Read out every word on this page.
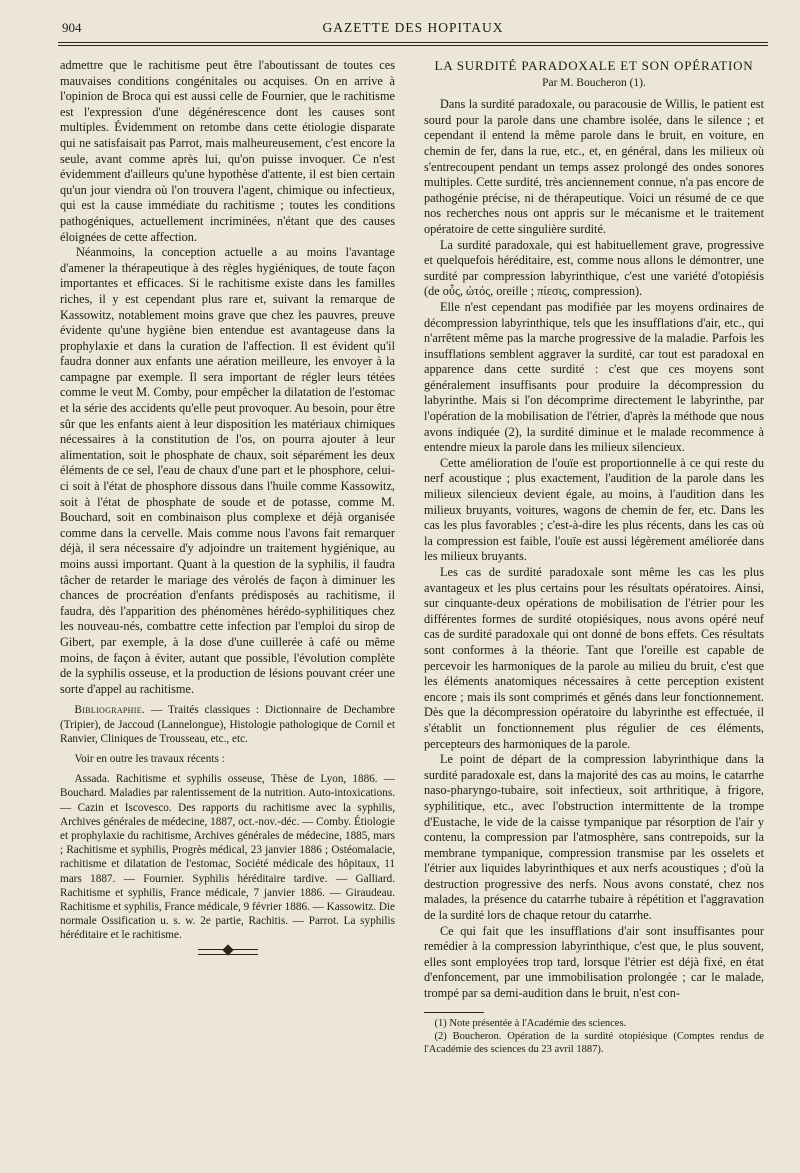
904	GAZETTE DES HOPITAUX

admettre que le rachitisme peut être l'aboutissant de toutes ces mauvaises conditions congénitales ou acquises. On en arrive à l'opinion de Broca qui est aussi celle de Fournier, que le rachitisme est l'expression d'une dégénérescence dont les causes sont multiples. Évidemment on retombe dans cette étiologie disparate qui ne satisfaisait pas Parrot, mais malheureusement, c'est encore la seule, avant comme après lui, qu'on puisse invoquer. Ce n'est évidemment d'ailleurs qu'une hypothèse d'attente, il est bien certain qu'un jour viendra où l'on trouvera l'agent, chimique ou infectieux, qui est la cause immédiate du rachitisme ; toutes les conditions pathogéniques, actuellement incriminées, n'étant que des causes éloignées de cette affection.

Néanmoins, la conception actuelle a au moins l'avantage d'amener la thérapeutique à des règles hygiéniques, de toute façon importantes et efficaces. Si le rachitisme existe dans les familles riches, il y est cependant plus rare et, suivant la remarque de Kassowitz, notablement moins grave que chez les pauvres, preuve évidente qu'une hygiène bien entendue est avantageuse dans la prophylaxie et dans la curation de l'affection. Il est évident qu'il faudra donner aux enfants une aération meilleure, les envoyer à la campagne par exemple. Il sera important de régler leurs tétées comme le veut M. Comby, pour empêcher la dilatation de l'estomac et la série des accidents qu'elle peut provoquer. Au besoin, pour être sûr que les enfants aient à leur disposition les matériaux chimiques nécessaires à la constitution de l'os, on pourra ajouter à leur alimentation, soit le phosphate de chaux, soit séparément les deux éléments de ce sel, l'eau de chaux d'une part et le phosphore, celui-ci soit à l'état de phosphore dissous dans l'huile comme Kassowitz, soit à l'état de phosphate de soude et de potasse, comme M. Bouchard, soit en combinaison plus complexe et déjà organisée comme dans la cervelle. Mais comme nous l'avons fait remarquer déjà, il sera nécessaire d'y adjoindre un traitement hygiénique, au moins aussi important. Quant à la question de la syphilis, il faudra tâcher de retarder le mariage des vérolés de façon à diminuer les chances de procréation d'enfants prédisposés au rachitisme, il faudra, dès l'apparition des phénomènes hérédo-syphilitiques chez les nouveau-nés, combattre cette infection par l'emploi du sirop de Gibert, par exemple, à la dose d'une cuillerée à café ou même moins, de façon à éviter, autant que possible, l'évolution complète de la syphilis osseuse, et la production de lésions pouvant créer une sorte d'appel au rachitisme.

Bibliographie. — Traités classiques : Dictionnaire de Dechambre (Tripier), de Jaccoud (Lannelongue), Histologie pathologique de Cornil et Ranvier, Cliniques de Trousseau, etc., etc.

Voir en outre les travaux récents :

Assada. Rachitisme et syphilis osseuse, Thèse de Lyon, 1886. — Bouchard. Maladies par ralentissement de la nutrition. Auto-intoxications. — Cazin et Iscovesco. Des rapports du rachitisme avec la syphilis, Archives générales de médecine, 1887, oct.-nov.-déc. — Comby. Étiologie et prophylaxie du rachitisme, Archives générales de médecine, 1885, mars ; Rachitisme et syphilis, Progrès médical, 23 janvier 1886 ; Ostéomalacie, rachitisme et dilatation de l'estomac, Société médicale des hôpitaux, 11 mars 1887. — Fournier. Syphilis héréditaire tardive. — Galliard. Rachitisme et syphilis, France médicale, 7 janvier 1886. — Giraudeau. Rachitisme et syphilis, France médicale, 9 février 1886. — Kassowitz. Die normale Ossification u. s. w. 2e partie, Rachitis. — Parrot. La syphilis héréditaire et le rachitisme.

LA SURDITÉ PARADOXALE ET SON OPÉRATION
Par M. Boucheron (1).

Dans la surdité paradoxale, ou paracousie de Willis, le patient est sourd pour la parole dans une chambre isolée, dans le silence ; et cependant il entend la même parole dans le bruit, en voiture, en chemin de fer, dans la rue, etc., et, en général, dans les milieux où s'entrecoupent pendant un temps assez prolongé des ondes sonores multiples. Cette surdité, très anciennement connue, n'a pas encore de pathogénie précise, ni de thérapeutique. Voici un résumé de ce que nos recherches nous ont appris sur le mécanisme et le traitement opératoire de cette singulière surdité.

La surdité paradoxale, qui est habituellement grave, progressive et quelquefois héréditaire, est, comme nous allons le démontrer, une surdité par compression labyrinthique, c'est une variété d'otopiésis (de οὖς, ὠτός, oreille ; πίεσις, compression).

Elle n'est cependant pas modifiée par les moyens ordinaires de décompression labyrinthique, tels que les insufflations d'air, etc., qui n'arrêtent même pas la marche progressive de la maladie. Parfois les insufflations semblent aggraver la surdité, car tout est paradoxal en apparence dans cette surdité : c'est que ces moyens sont généralement insuffisants pour produire la décompression du labyrinthe. Mais si l'on décomprime directement le labyrinthe, par l'opération de la mobilisation de l'étrier, d'après la méthode que nous avons indiquée (2), la surdité diminue et le malade recommence à entendre mieux la parole dans les milieux silencieux.

Cette amélioration de l'ouïe est proportionnelle à ce qui reste du nerf acoustique ; plus exactement, l'audition de la parole dans les milieux silencieux devient égale, au moins, à l'audition dans les milieux bruyants, voitures, wagons de chemin de fer, etc. Dans les cas les plus favorables ; c'est-à-dire les plus récents, dans les cas où la compression est faible, l'ouïe est aussi légèrement améliorée dans les milieux bruyants.

Les cas de surdité paradoxale sont même les cas les plus avantageux et les plus certains pour les résultats opératoires. Ainsi, sur cinquante-deux opérations de mobilisation de l'étrier pour les différentes formes de surdité otopiésiques, nous avons opéré neuf cas de surdité paradoxale qui ont donné de bons effets. Ces résultats sont conformes à la théorie. Tant que l'oreille est capable de percevoir les harmoniques de la parole au milieu du bruit, c'est que les éléments anatomiques nécessaires à cette perception existent encore ; mais ils sont comprimés et gênés dans leur fonctionnement. Dès que la décompression opératoire du labyrinthe est effectuée, il s'établit un fonctionnement plus régulier de ces éléments, percepteurs des harmoniques de la parole.

Le point de départ de la compression labyrinthique dans la surdité paradoxale est, dans la majorité des cas au moins, le catarrhe naso-pharyngo-tubaire, soit infectieux, soit arthritique, à frigore, syphilitique, etc., avec l'obstruction intermittente de la trompe d'Eustache, le vide de la caisse tympanique par résorption de l'air y contenu, la compression par l'atmosphère, sans contrepoids, sur la membrane tympanique, compression transmise par les osselets et l'étrier aux liquides labyrinthiques et aux nerfs acoustiques ; d'où la destruction progressive des nerfs. Nous avons constaté, chez nos malades, la présence du catarrhe tubaire à répétition et l'aggravation de la surdité lors de chaque retour du catarrhe.

Ce qui fait que les insufflations d'air sont insuffisantes pour remédier à la compression labyrinthique, c'est que, le plus souvent, elles sont employées trop tard, lorsque l'étrier est déjà fixé, en état d'enfoncement, par une immobilisation prolongée ; car le malade, trompé par sa demi-audition dans le bruit, n'est con-

(1) Note présentée à l'Académie des sciences.

(2) Boucheron. Opération de la surdité otopiésique (Comptes rendus de l'Académie des sciences du 23 avril 1887).
